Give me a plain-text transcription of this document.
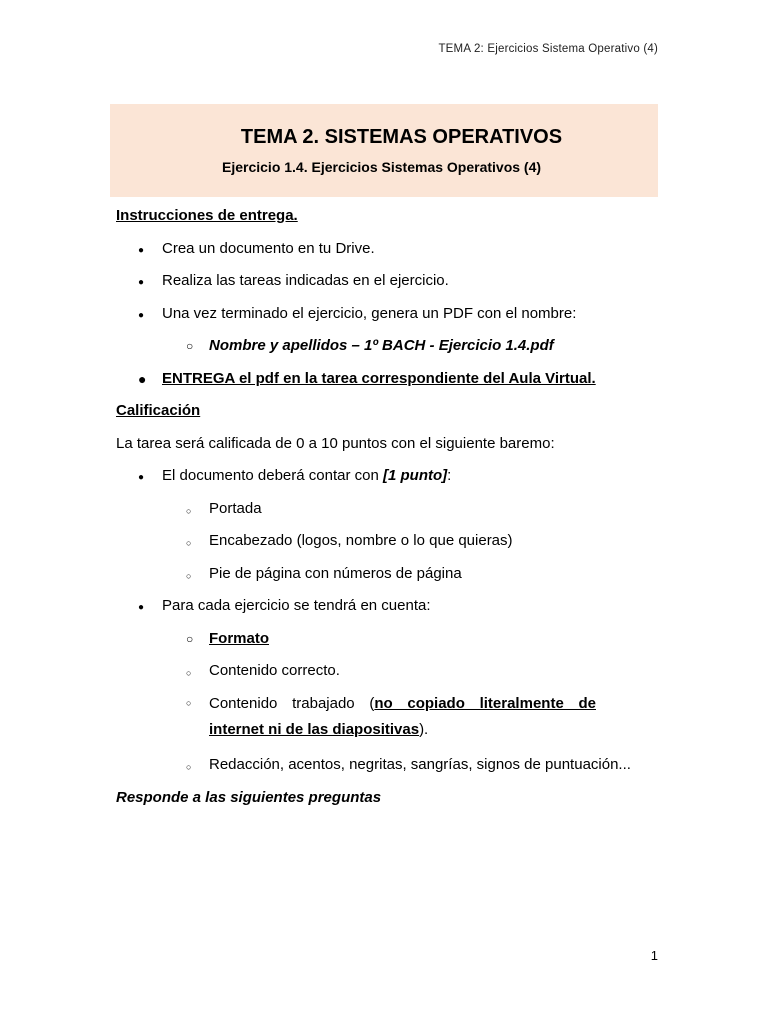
TEMA 2: Ejercicios Sistema Operativo (4)
TEMA 2. SISTEMAS OPERATIVOS
Ejercicio 1.4. Ejercicios Sistemas Operativos (4)
Instrucciones de entrega.
● Crea un documento en tu Drive.
● Realiza las tareas indicadas en el ejercicio.
● Una vez terminado el ejercicio, genera un PDF con el nombre:
○ Nombre y apellidos – 1º BACH - Ejercicio 1.4.pdf
● ENTREGA el pdf en la tarea correspondiente del Aula Virtual.
Calificación
La tarea será calificada de 0 a 10 puntos con el siguiente baremo:
● El documento deberá contar con [1 punto]:
○ Portada
○ Encabezado (logos, nombre o lo que quieras)
○ Pie de página con números de página
● Para cada ejercicio se tendrá en cuenta:
○ Formato
○ Contenido correcto.
○ Contenido trabajado (no copiado literalmente de internet ni de las diapositivas).
○ Redacción, acentos, negritas, sangrías, signos de puntuación...
Responde a las siguientes preguntas
1
